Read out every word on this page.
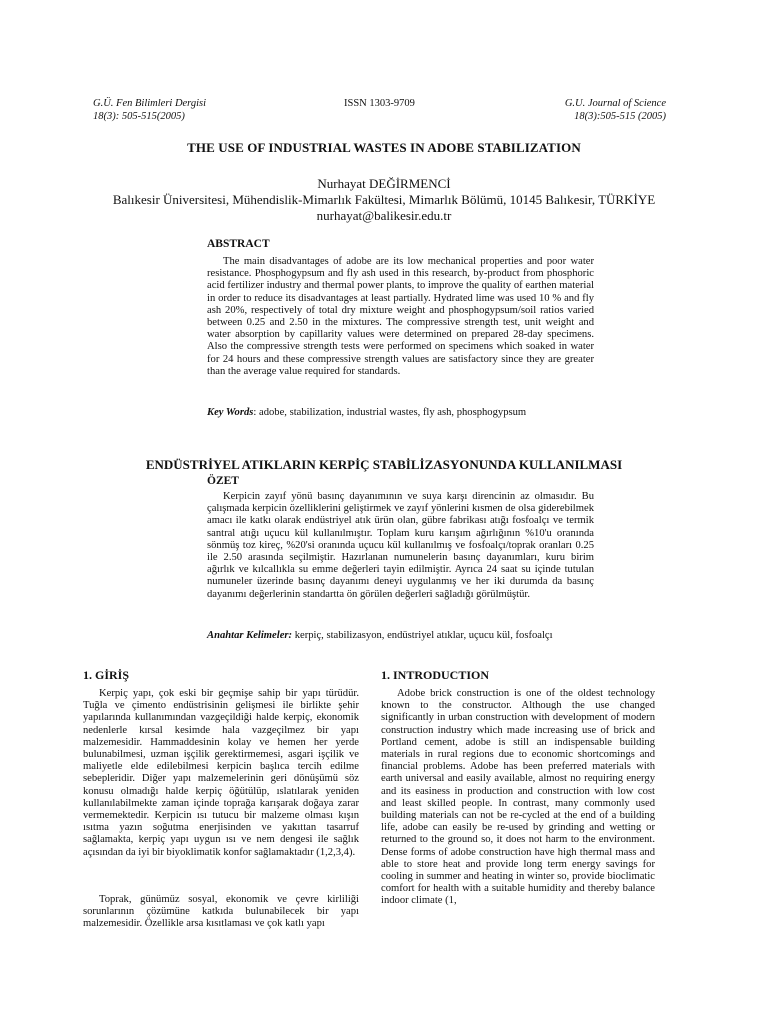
G.Ü. Fen Bilimleri Dergisi
18(3): 505-515(2005)
ISSN 1303-9709	G.U. Journal of Science
18(3):505-515 (2005)
THE USE OF INDUSTRIAL WASTES IN ADOBE STABILIZATION
Nurhayat DEĞİRMENCİ
Balıkesir Üniversitesi, Mühendislik-Mimarlık Fakültesi, Mimarlık Bölümü, 10145 Balıkesir, TÜRKİYE
nurhayat@balikesir.edu.tr
ABSTRACT
The main disadvantages of adobe are its low mechanical properties and poor water resistance. Phosphogypsum and fly ash used in this research, by-product from phosphoric acid fertilizer industry and thermal power plants, to improve the quality of earthen material in order to reduce its disadvantages at least partially. Hydrated lime was used 10 % and fly ash 20%, respectively of total dry mixture weight and phosphogypsum/soil ratios varied between 0.25 and 2.50 in the mixtures. The compressive strength test, unit weight and water absorption by capillarity values were determined on prepared 28-day specimens. Also the compressive strength tests were performed on specimens which soaked in water for 24 hours and these compressive strength values are satisfactory since they are greater than the average value required for standards.
Key Words: adobe, stabilization, industrial wastes, fly ash, phosphogypsum
ENDÜSTRİYEL ATIKLARIN KERPİÇ STABİLİZASYONUNDA KULLANILMASI
ÖZET
Kerpicin zayıf yönü basınç dayanımının ve suya karşı direncinin az olmasıdır. Bu çalışmada kerpicin özelliklerini geliştirmek ve zayıf yönlerini kısmen de olsa giderebilmek amacı ile katkı olarak endüstriyel atık ürün olan, gübre fabrikası atığı fosfoalçı ve termik santral atığı uçucu kül kullanılmıştır. Toplam kuru karışım ağırlığının %10'u oranında sönmüş toz kireç, %20'si oranında uçucu kül kullanılmış ve fosfoalçı/toprak oranları 0.25 ile 2.50 arasında seçilmiştir. Hazırlanan numunelerin basınç dayanımları, kuru birim ağırlık ve kılcallıkla su emme değerleri tayin edilmiştir. Ayrıca 24 saat su içinde tutulan numuneler üzerinde basınç dayanımı deneyi uygulanmış ve her iki durumda da basınç dayanımı değerlerinin standartta ön görülen değerleri sağladığı görülmüştür.
Anahtar Kelimeler: kerpiç, stabilizasyon, endüstriyel atıklar, uçucu kül, fosfoalçı
1. GİRİŞ
Kerpiç yapı, çok eski bir geçmişe sahip bir yapı türüdür. Tuğla ve çimento endüstrisinin gelişmesi ile birlikte şehir yapılarında kullanımından vazgeçildiği halde kerpiç, ekonomik nedenlerle kırsal kesimde hala vazgeçilmez bir yapı malzemesidir. Hammaddesinin kolay ve hemen her yerde bulunabilmesi, uzman işçilik gerektirmemesi, asgari işçilik ve maliyetle elde edilebilmesi kerpicin başlıca tercih edilme sebepleridir. Diğer yapı malzemelerinin geri dönüşümü söz konusu olmadığı halde kerpiç öğütülüp, ıslatılarak yeniden kullanılabilmekte zaman içinde toprağa karışarak doğaya zarar vermemektedir. Kerpicin ısı tutucu bir malzeme olması kışın ısıtma yazın soğutma enerjisinden ve yakıttan tasarruf sağlamakta, kerpiç yapı uygun ısı ve nem dengesi ile sağlık açısından da iyi bir biyoklimatik konfor sağlamaktadır (1,2,3,4).
Toprak, günümüz sosyal, ekonomik ve çevre kirliliği sorunlarının çözümüne katkıda bulunabilecek bir yapı malzemesidir. Özellikle arsa kısıtlaması ve çok katlı yapı
1. INTRODUCTION
Adobe brick construction is one of the oldest technology known to the constructor. Although the use changed significantly in urban construction with development of modern construction industry which made increasing use of brick and Portland cement, adobe is still an indispensable building materials in rural regions due to economic shortcomings and financial problems. Adobe has been preferred materials with earth universal and easily available, almost no requiring energy and its easiness in production and construction with low cost and least skilled people. In contrast, many commonly used building materials can not be re-cycled at the end of a building life, adobe can easily be re-used by grinding and wetting or returned to the ground so, it does not harm to the environment. Dense forms of adobe construction have high thermal mass and able to store heat and provide long term energy savings for cooling in summer and heating in winter so, provide bioclimatic comfort for health with a suitable humidity and thereby balance indoor climate (1,
